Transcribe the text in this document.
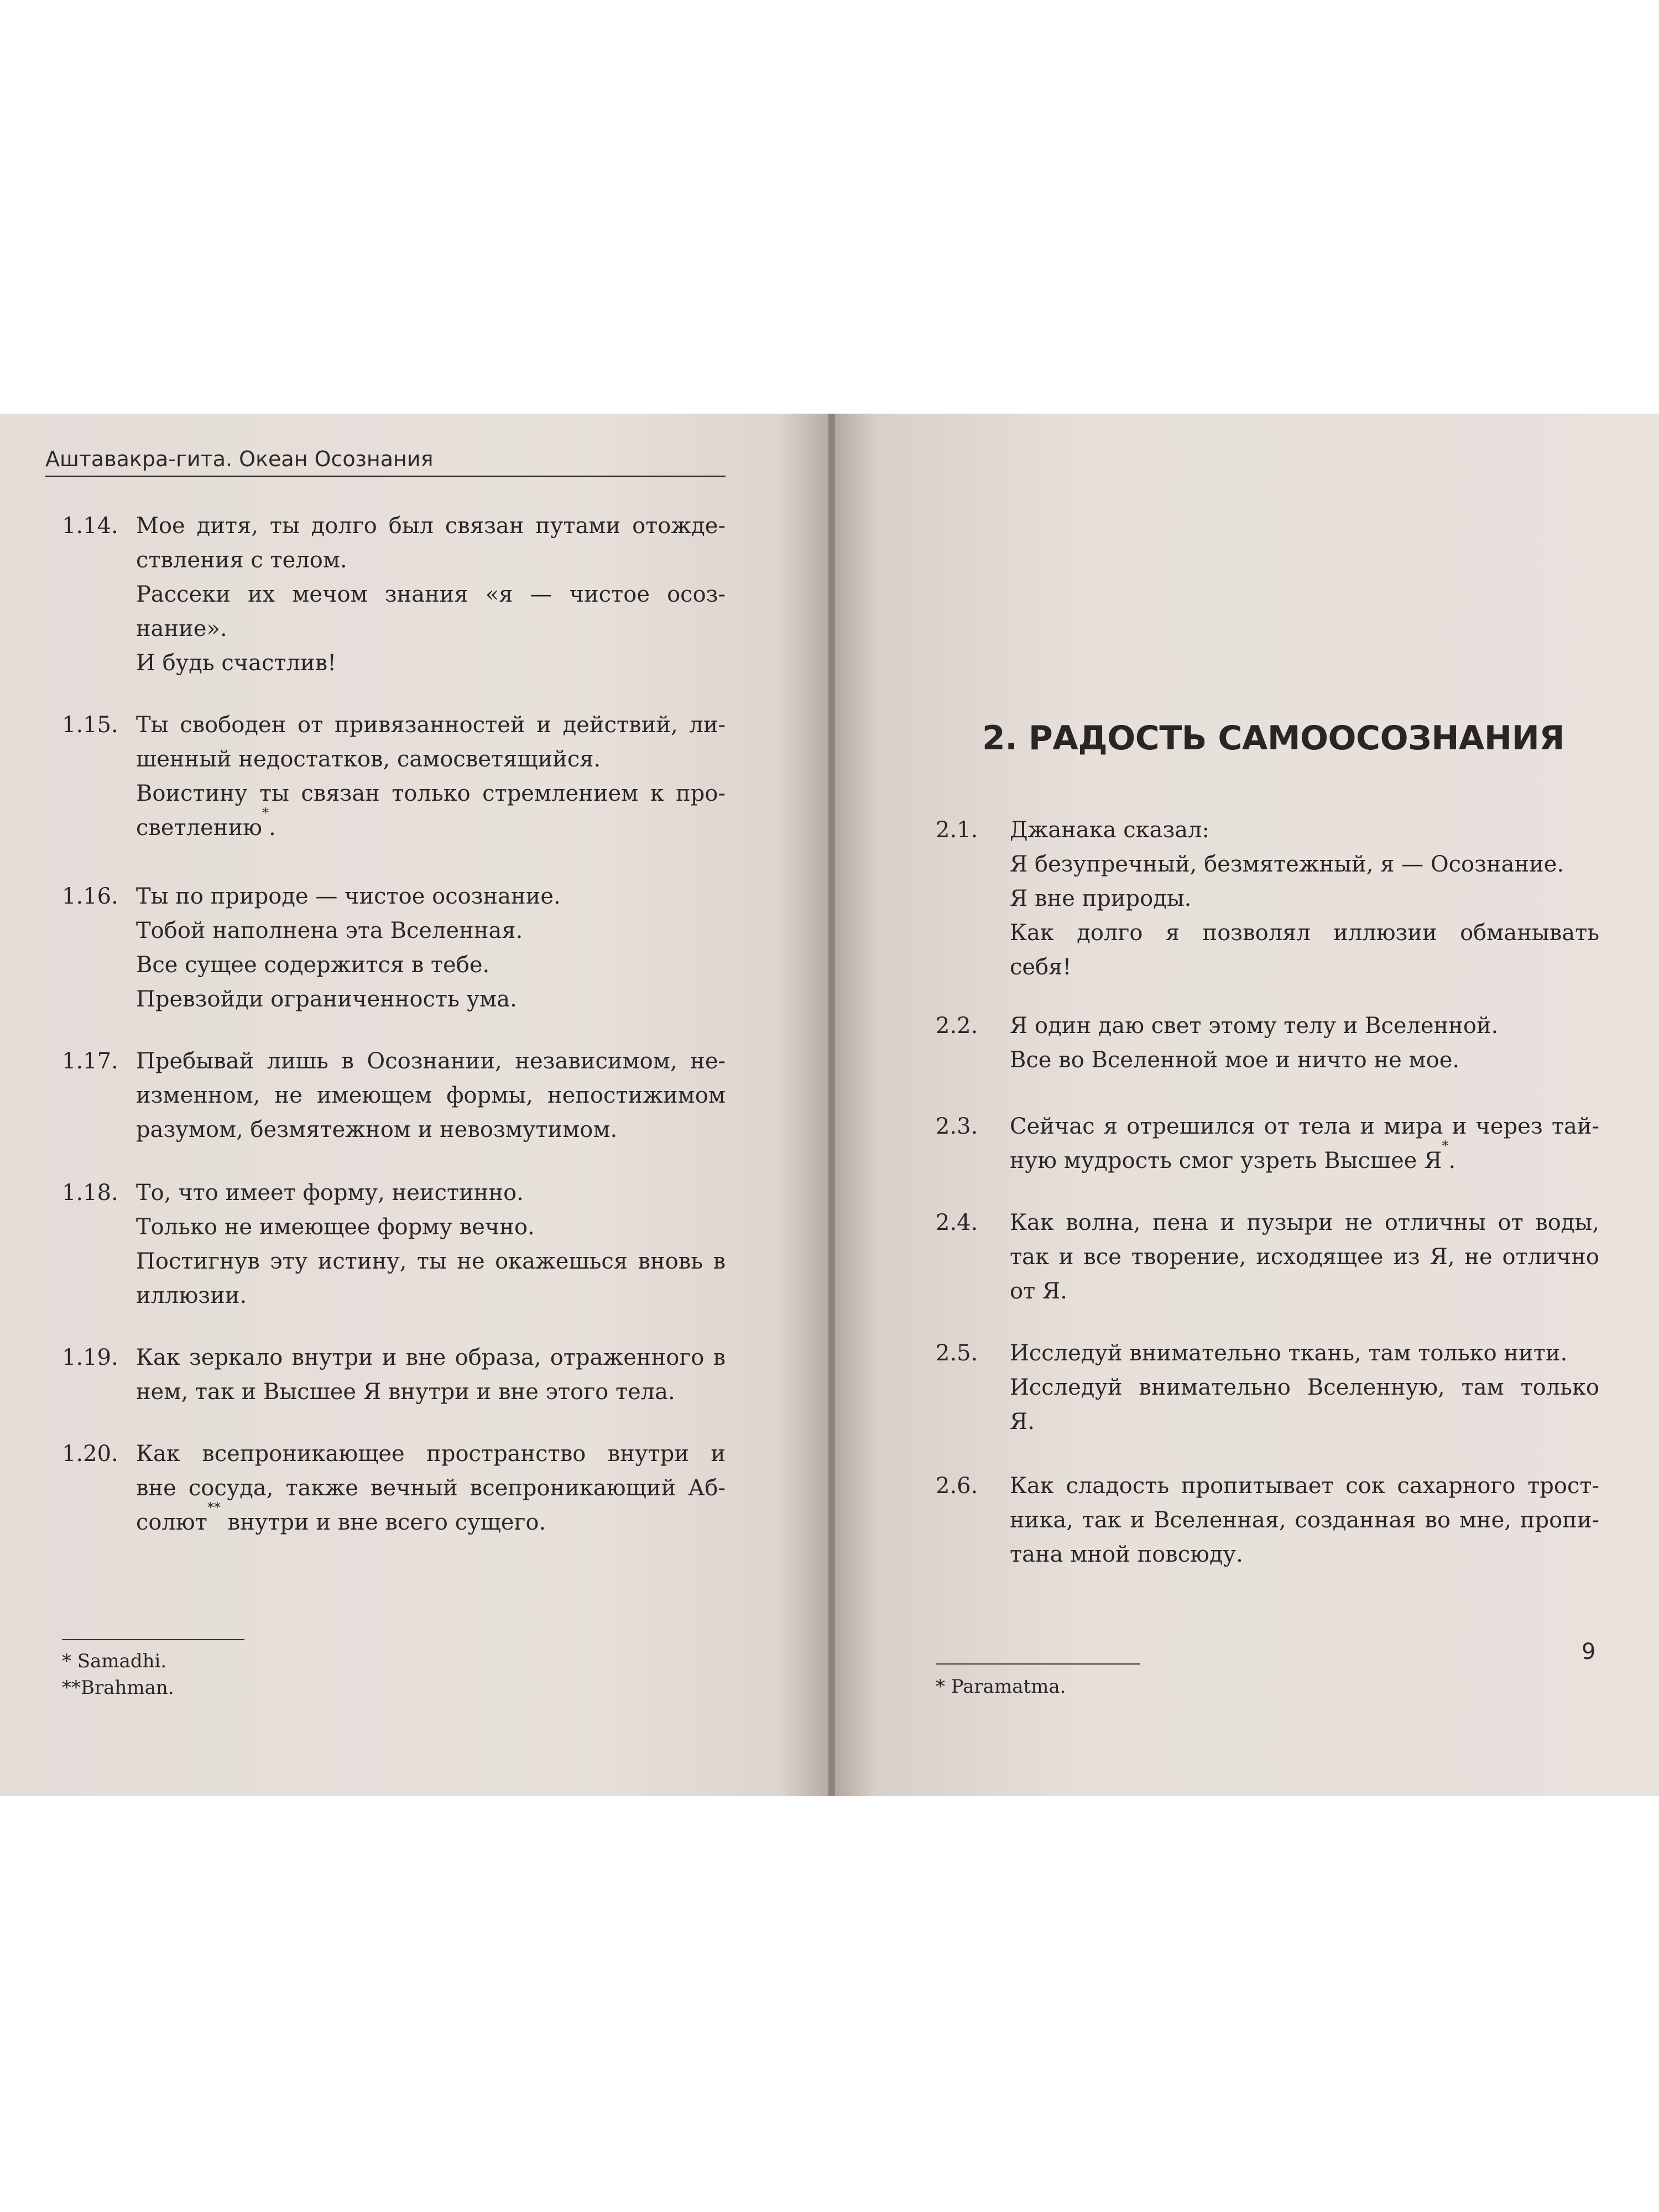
Аштавакра-гита. Океан Осознания
1.14. Мое дитя, ты долго был связан путами отожде-
ствления с телом.
Рассеки их мечом знания «я — чистое осоз-
нание».
И будь счастлив!
1.15. Ты свободен от привязанностей и действий, ли-
шенный недостатков, самосветящийся.
Воистину ты связан только стремлением к про-
светлению*.
1.16. Ты по природе — чистое осознание.
Тобой наполнена эта Вселенная.
Все сущее содержится в тебе.
Превзойди ограниченность ума.
1.17. Пребывай лишь в Осознании, независимом, не-
изменном, не имеющем формы, непостижимом
разумом, безмятежном и невозмутимом.
1.18. То, что имеет форму, неистинно.
Только не имеющее форму вечно.
Постигнув эту истину, ты не окажешься вновь в
иллюзии.
1.19. Как зеркало внутри и вне образа, отраженного в
нем, так и Высшее Я внутри и вне этого тела.
1.20. Как всепроникающее пространство внутри и
вне сосуда, также вечный всепроникающий Аб-
солют** внутри и вне всего сущего.
* Samadhi.
**Brahman.
2. РАДОСТЬ САМООСОЗНАНИЯ
2.1. Джанака сказал:
Я безупречный, безмятежный, я — Осознание.
Я вне природы.
Как долго я позволял иллюзии обманывать
себя!
2.2. Я один даю свет этому телу и Вселенной.
Все во Вселенной мое и ничто не мое.
2.3. Сейчас я отрешился от тела и мира и через тай-
ную мудрость смог узреть Высшее Я*.
2.4. Как волна, пена и пузыри не отличны от воды,
так и все творение, исходящее из Я, не отлично
от Я.
2.5. Исследуй внимательно ткань, там только нити.
Исследуй внимательно Вселенную, там только
Я.
2.6. Как сладость пропитывает сок сахарного трост-
ника, так и Вселенная, созданная во мне, пропи-
тана мной повсюду.
* Paramatma.
9
